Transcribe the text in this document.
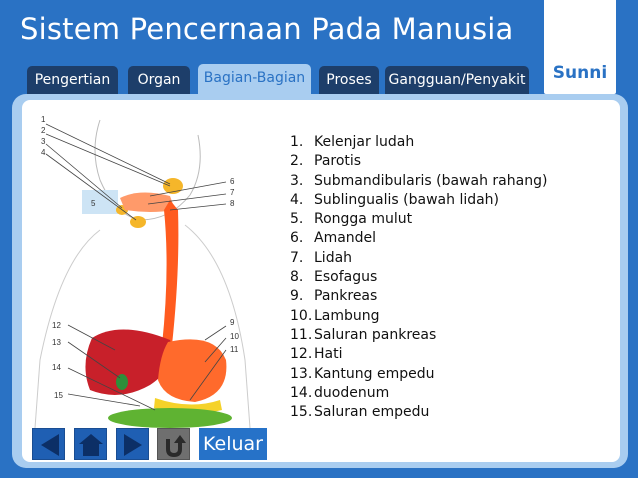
Sistem Pencernaan Pada Manusia
Sunni
Pengertian	Organ	Bagian-Bagian	Proses	Gangguan/Penyakit
1
2
3
4
5
6
7
8
9
10
11
12
13
14
15
1. Kelenjar ludah
2. Parotis
3. Submandibularis (bawah rahang)
4. Sublingualis (bawah lidah)
5. Rongga mulut
6. Amandel
7. Lidah
8. Esofagus
9. Pankreas
10. Lambung
11. Saluran pankreas
12. Hati
13. Kantung empedu
14. duodenum
15. Saluran empedu
Keluar
